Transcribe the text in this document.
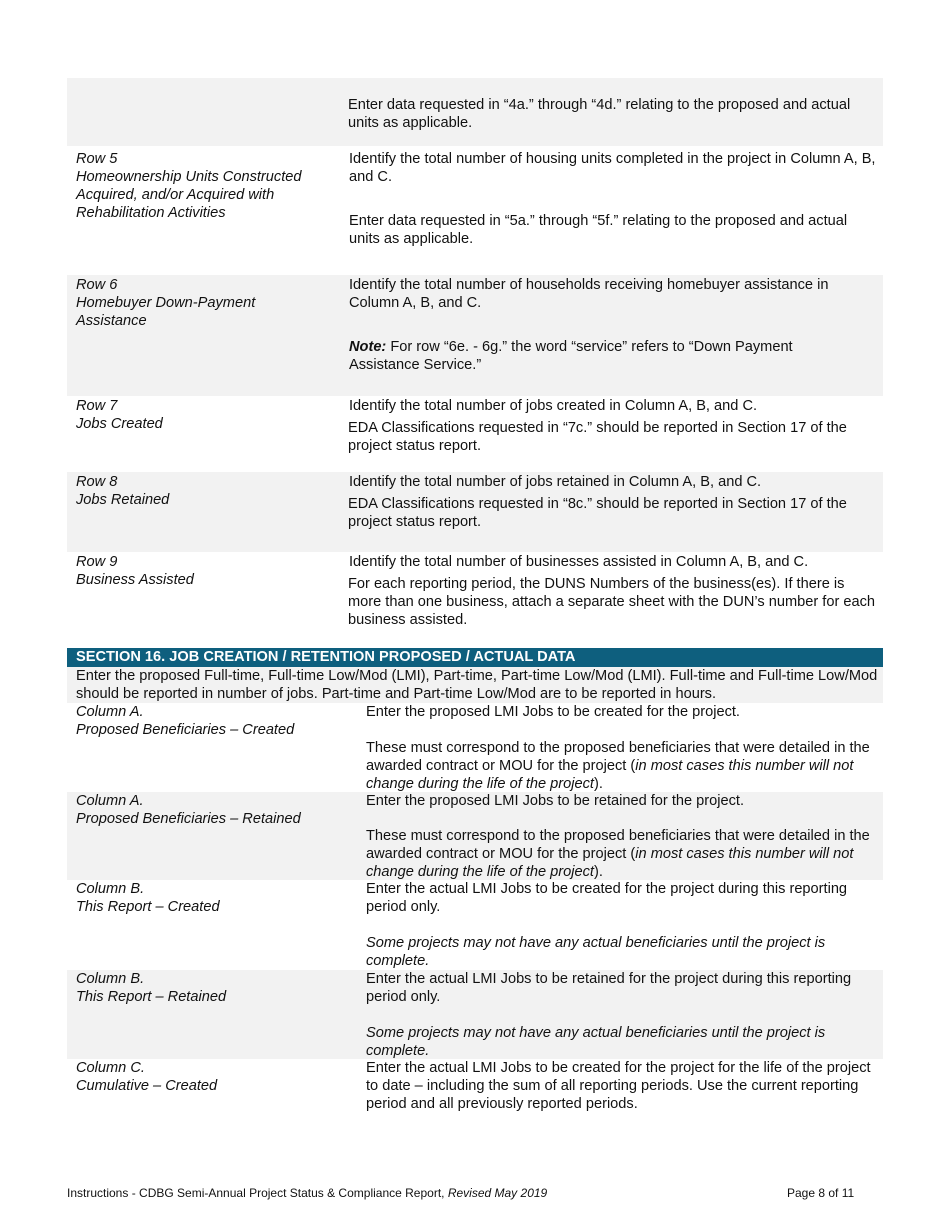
Enter data requested in “4a.” through “4d.” relating to the proposed and actual units as applicable.
Row 5
Homeownership Units Constructed Acquired, and/or Acquired with Rehabilitation Activities
Identify the total number of housing units completed in the project in Column A, B, and C.
Enter data requested in “5a.” through “5f.” relating to the proposed and actual units as applicable.
Row 6
Homebuyer Down-Payment Assistance
Identify the total number of households receiving homebuyer assistance in Column A, B, and C.
Note: For row “6e. - 6g.” the word “service” refers to “Down Payment Assistance Service.”
Row 7
Jobs Created
Identify the total number of jobs created in Column A, B, and C.
EDA Classifications requested in “7c.” should be reported in Section 17 of the project status report.
Row 8
Jobs Retained
Identify the total number of jobs retained in Column A, B, and C.
EDA Classifications requested in “8c.” should be reported in Section 17 of the project status report.
Row 9
Business Assisted
Identify the total number of businesses assisted in Column A, B, and C.
For each reporting period, the DUNS Numbers of the business(es). If there is more than one business, attach a separate sheet with the DUN’s number for each business assisted.
SECTION 16. JOB CREATION / RETENTION PROPOSED / ACTUAL DATA
Enter the proposed Full-time, Full-time Low/Mod (LMI), Part-time, Part-time Low/Mod (LMI). Full-time and Full-time Low/Mod should be reported in number of jobs. Part-time and Part-time Low/Mod are to be reported in hours.
Column A.
Proposed Beneficiaries – Created
Enter the proposed LMI Jobs to be created for the project.
These must correspond to the proposed beneficiaries that were detailed in the awarded contract or MOU for the project (in most cases this number will not change during the life of the project).
Column A.
Proposed Beneficiaries – Retained
Enter the proposed LMI Jobs to be retained for the project.
These must correspond to the proposed beneficiaries that were detailed in the awarded contract or MOU for the project (in most cases this number will not change during the life of the project).
Column B.
This Report – Created
Enter the actual LMI Jobs to be created for the project during this reporting period only.
Some projects may not have any actual beneficiaries until the project is complete.
Column B.
This Report – Retained
Enter the actual LMI Jobs to be retained for the project during this reporting period only.
Some projects may not have any actual beneficiaries until the project is complete.
Column C.
Cumulative – Created
Enter the actual LMI Jobs to be created for the project for the life of the project to date – including the sum of all reporting periods. Use the current reporting period and all previously reported periods.
Instructions - CDBG Semi-Annual Project Status & Compliance Report, Revised May 2019	Page 8 of 11
